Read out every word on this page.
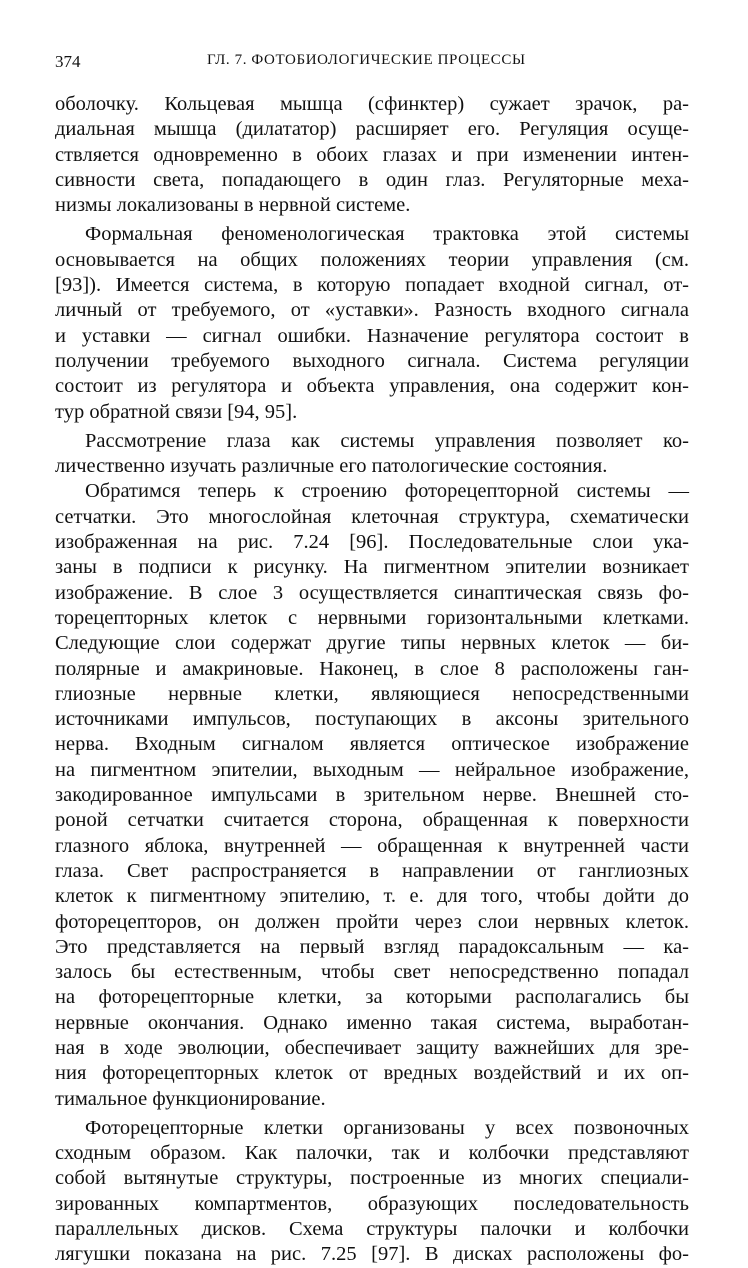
374	ГЛ. 7. ФОТОБИОЛОГИЧЕСКИЕ ПРОЦЕССЫ
оболочку. Кольцевая мышца (сфинктер) сужает зрачок, ра-
диальная мышца (дилататор) расширяет его. Регуляция осуще-
ствляется одновременно в обоих глазах и при изменении интен-
сивности света, попадающего в один глаз. Регуляторные меха-
низмы локализованы в нервной системе.
Формальная феноменологическая трактовка этой системы
основывается на общих положениях теории управления (см.
[93]). Имеется система, в которую попадает входной сигнал, от-
личный от требуемого, от «уставки». Разность входного сигнала
и уставки — сигнал ошибки. Назначение регулятора состоит в
получении требуемого выходного сигнала. Система регуляции
состоит из регулятора и объекта управления, она содержит кон-
тур обратной связи [94, 95].
Рассмотрение глаза как системы управления позволяет ко-
личественно изучать различные его патологические состояния.
Обратимся теперь к строению фоторецепторной системы —
сетчатки. Это многослойная клеточная структура, схематически
изображенная на рис. 7.24 [96]. Последовательные слои ука-
заны в подписи к рисунку. На пигментном эпителии возникает
изображение. В слое 3 осуществляется синаптическая связь фо-
торецепторных клеток с нервными горизонтальными клетками.
Следующие слои содержат другие типы нервных клеток — би-
полярные и амакриновые. Наконец, в слое 8 расположены ган-
глиозные нервные клетки, являющиеся непосредственными
источниками импульсов, поступающих в аксоны зрительного
нерва. Входным сигналом является оптическое изображение
на пигментном эпителии, выходным — нейральное изображение,
закодированное импульсами в зрительном нерве. Внешней сто-
роной сетчатки считается сторона, обращенная к поверхности
глазного яблока, внутренней — обращенная к внутренней части
глаза. Свет распространяется в направлении от ганглиозных
клеток к пигментному эпителию, т. е. для того, чтобы дойти до
фоторецепторов, он должен пройти через слои нервных клеток.
Это представляется на первый взгляд парадоксальным — ка-
залось бы естественным, чтобы свет непосредственно попадал
на фоторецепторные клетки, за которыми располагались бы
нервные окончания. Однако именно такая система, выработан-
ная в ходе эволюции, обеспечивает защиту важнейших для зре-
ния фоторецепторных клеток от вредных воздействий и их оп-
тимальное функционирование.
Фоторецепторные клетки организованы у всех позвоночных
сходным образом. Как палочки, так и колбочки представляют
собой вытянутые структуры, построенные из многих специали-
зированных компартментов, образующих последовательность
параллельных дисков. Схема структуры палочки и колбочки
лягушки показана на рис. 7.25 [97]. В дисках расположены фо-
